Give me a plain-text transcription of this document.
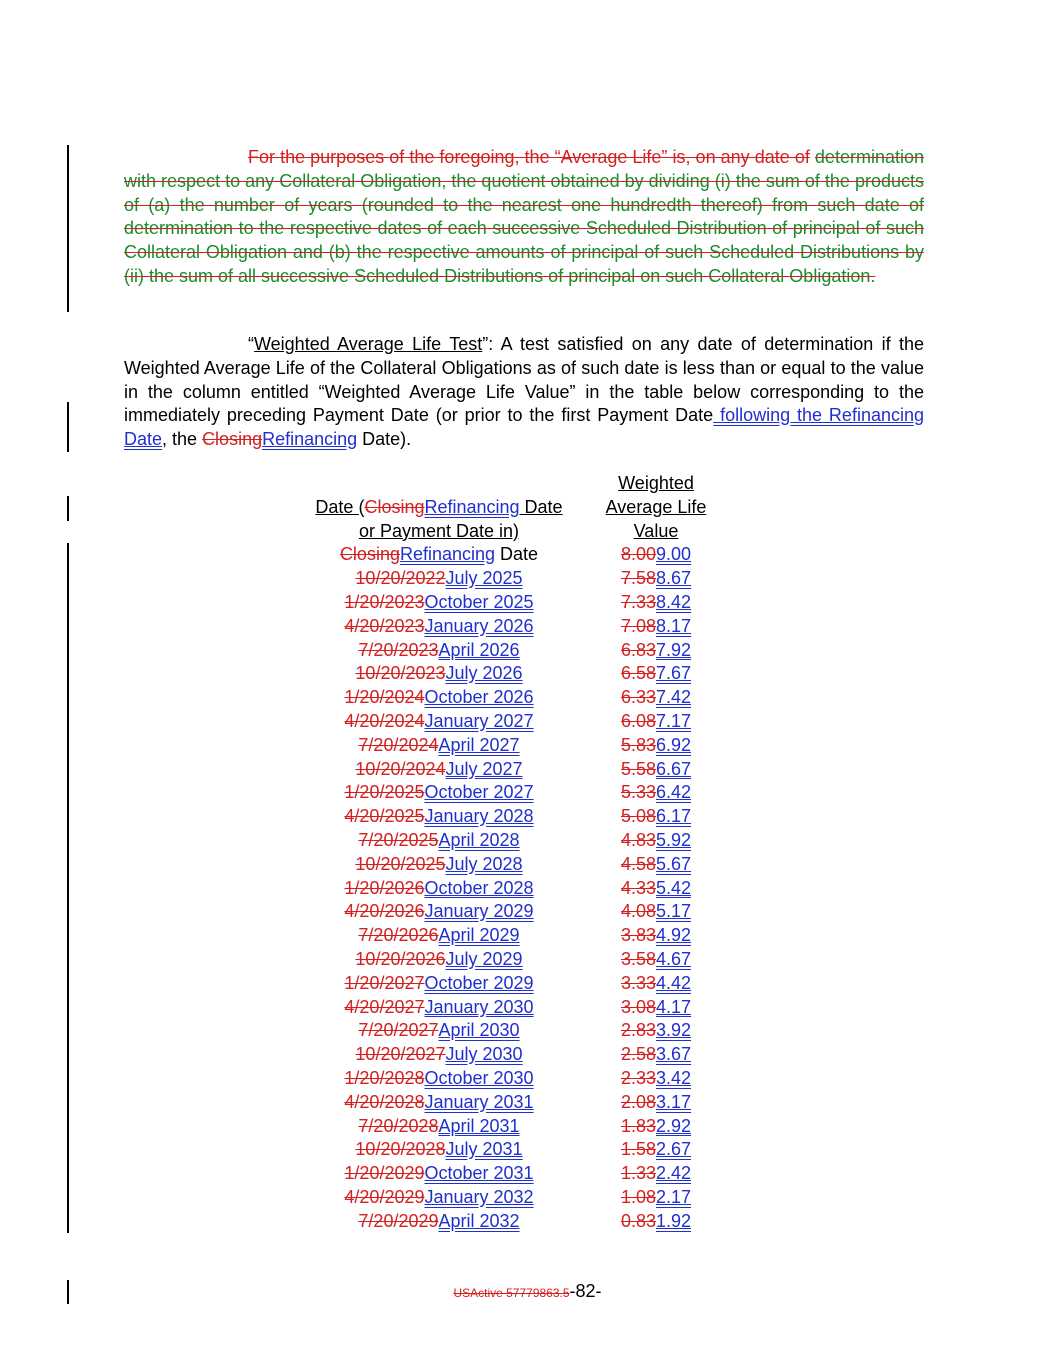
For the purposes of the foregoing, the “Average Life” is, on any date of determination with respect to any Collateral Obligation, the quotient obtained by dividing (i) the sum of the products of (a) the number of years (rounded to the nearest one hundredth thereof) from such date of determination to the respective dates of each successive Scheduled Distribution of principal of such Collateral Obligation and (b) the respective amounts of principal of such Scheduled Distributions by (ii) the sum of all successive Scheduled Distributions of principal on such Collateral Obligation.
“Weighted Average Life Test”: A test satisfied on any date of determination if the Weighted Average Life of the Collateral Obligations as of such date is less than or equal to the value in the column entitled “Weighted Average Life Value” in the table below corresponding to the immediately preceding Payment Date (or prior to the first Payment Date following the Refinancing Date, the ClosingRefinancing Date).
Weighted
Date (ClosingRefinancing Date	Average Life
or Payment Date in)	Value
ClosingRefinancing Date	8.009.00
10/20/2022July 2025	7.588.67
1/20/2023October 2025	7.338.42
4/20/2023January 2026	7.088.17
7/20/2023April 2026	6.837.92
10/20/2023July 2026	6.587.67
1/20/2024October 2026	6.337.42
4/20/2024January 2027	6.087.17
7/20/2024April 2027	5.836.92
10/20/2024July 2027	5.586.67
1/20/2025October 2027	5.336.42
4/20/2025January 2028	5.086.17
7/20/2025April 2028	4.835.92
10/20/2025July 2028	4.585.67
1/20/2026October 2028	4.335.42
4/20/2026January 2029	4.085.17
7/20/2026April 2029	3.834.92
10/20/2026July 2029	3.584.67
1/20/2027October 2029	3.334.42
4/20/2027January 2030	3.084.17
7/20/2027April 2030	2.833.92
10/20/2027July 2030	2.583.67
1/20/2028October 2030	2.333.42
4/20/2028January 2031	2.083.17
7/20/2028April 2031	1.832.92
10/20/2028July 2031	1.582.67
1/20/2029October 2031	1.332.42
4/20/2029January 2032	1.082.17
7/20/2029April 2032	0.831.92
USActive 57779863.5-82-
